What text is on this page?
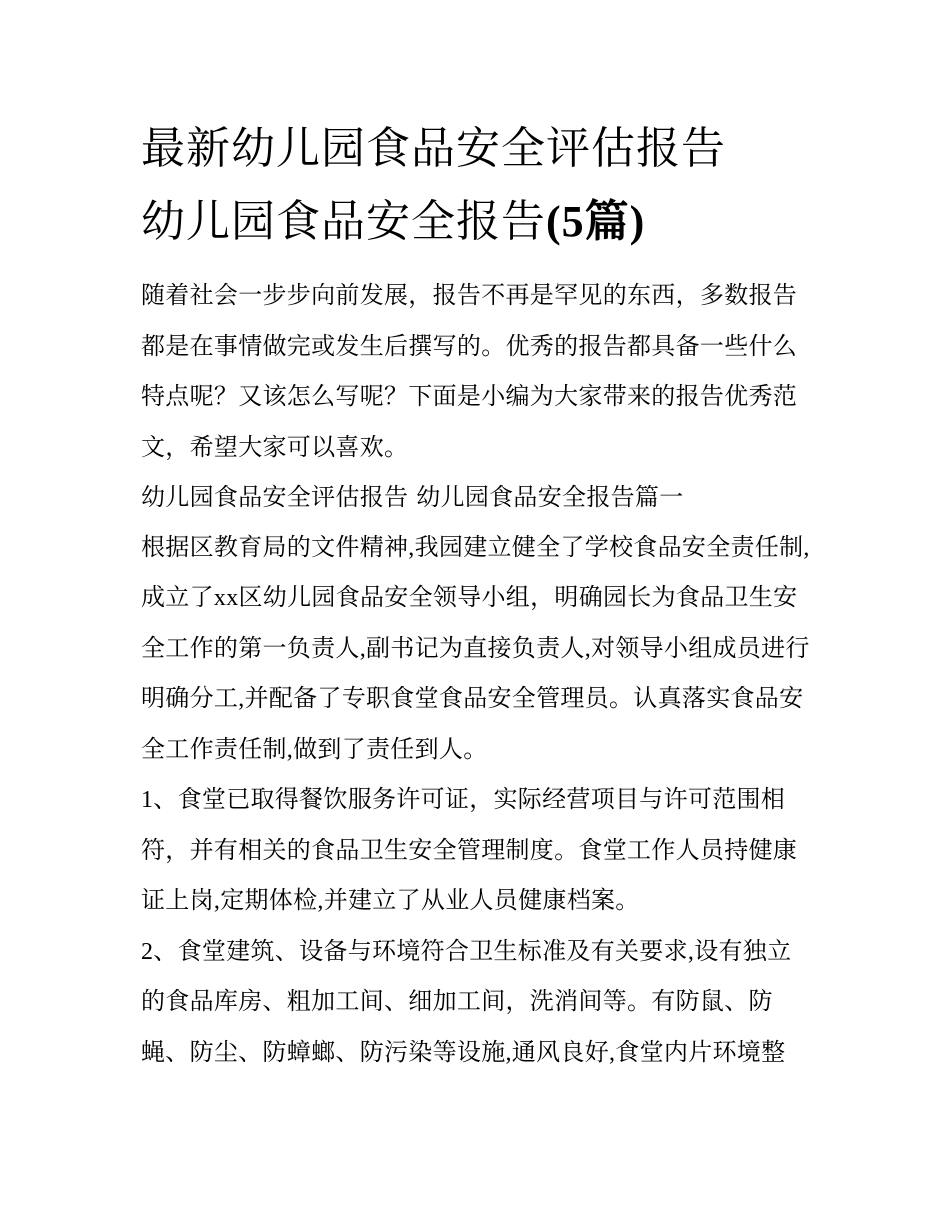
最新幼儿园食品安全评估报告
幼儿园食品安全报告(5篇)

随着社会一步步向前发展，报告不再是罕见的东西，多数报告都是在事情做完或发生后撰写的。优秀的报告都具备一些什么特点呢？又该怎么写呢？下面是小编为大家带来的报告优秀范文，希望大家可以喜欢。

幼儿园食品安全评估报告 幼儿园食品安全报告篇一

根据区教育局的文件精神,我园建立健全了学校食品安全责任制,成立了xx区幼儿园食品安全领导小组，明确园长为食品卫生安全工作的第一负责人,副书记为直接负责人,对领导小组成员进行明确分工,并配备了专职食堂食品安全管理员。认真落实食品安全工作责任制,做到了责任到人。

1、食堂已取得餐饮服务许可证，实际经营项目与许可范围相符，并有相关的食品卫生安全管理制度。食堂工作人员持健康证上岗,定期体检,并建立了从业人员健康档案。

2、食堂建筑、设备与环境符合卫生标准及有关要求,设有独立的食品库房、粗加工间、细加工间，洗消间等。有防鼠、防蝇、防尘、防蟑螂、防污染等设施,通风良好,食堂内片环境整
